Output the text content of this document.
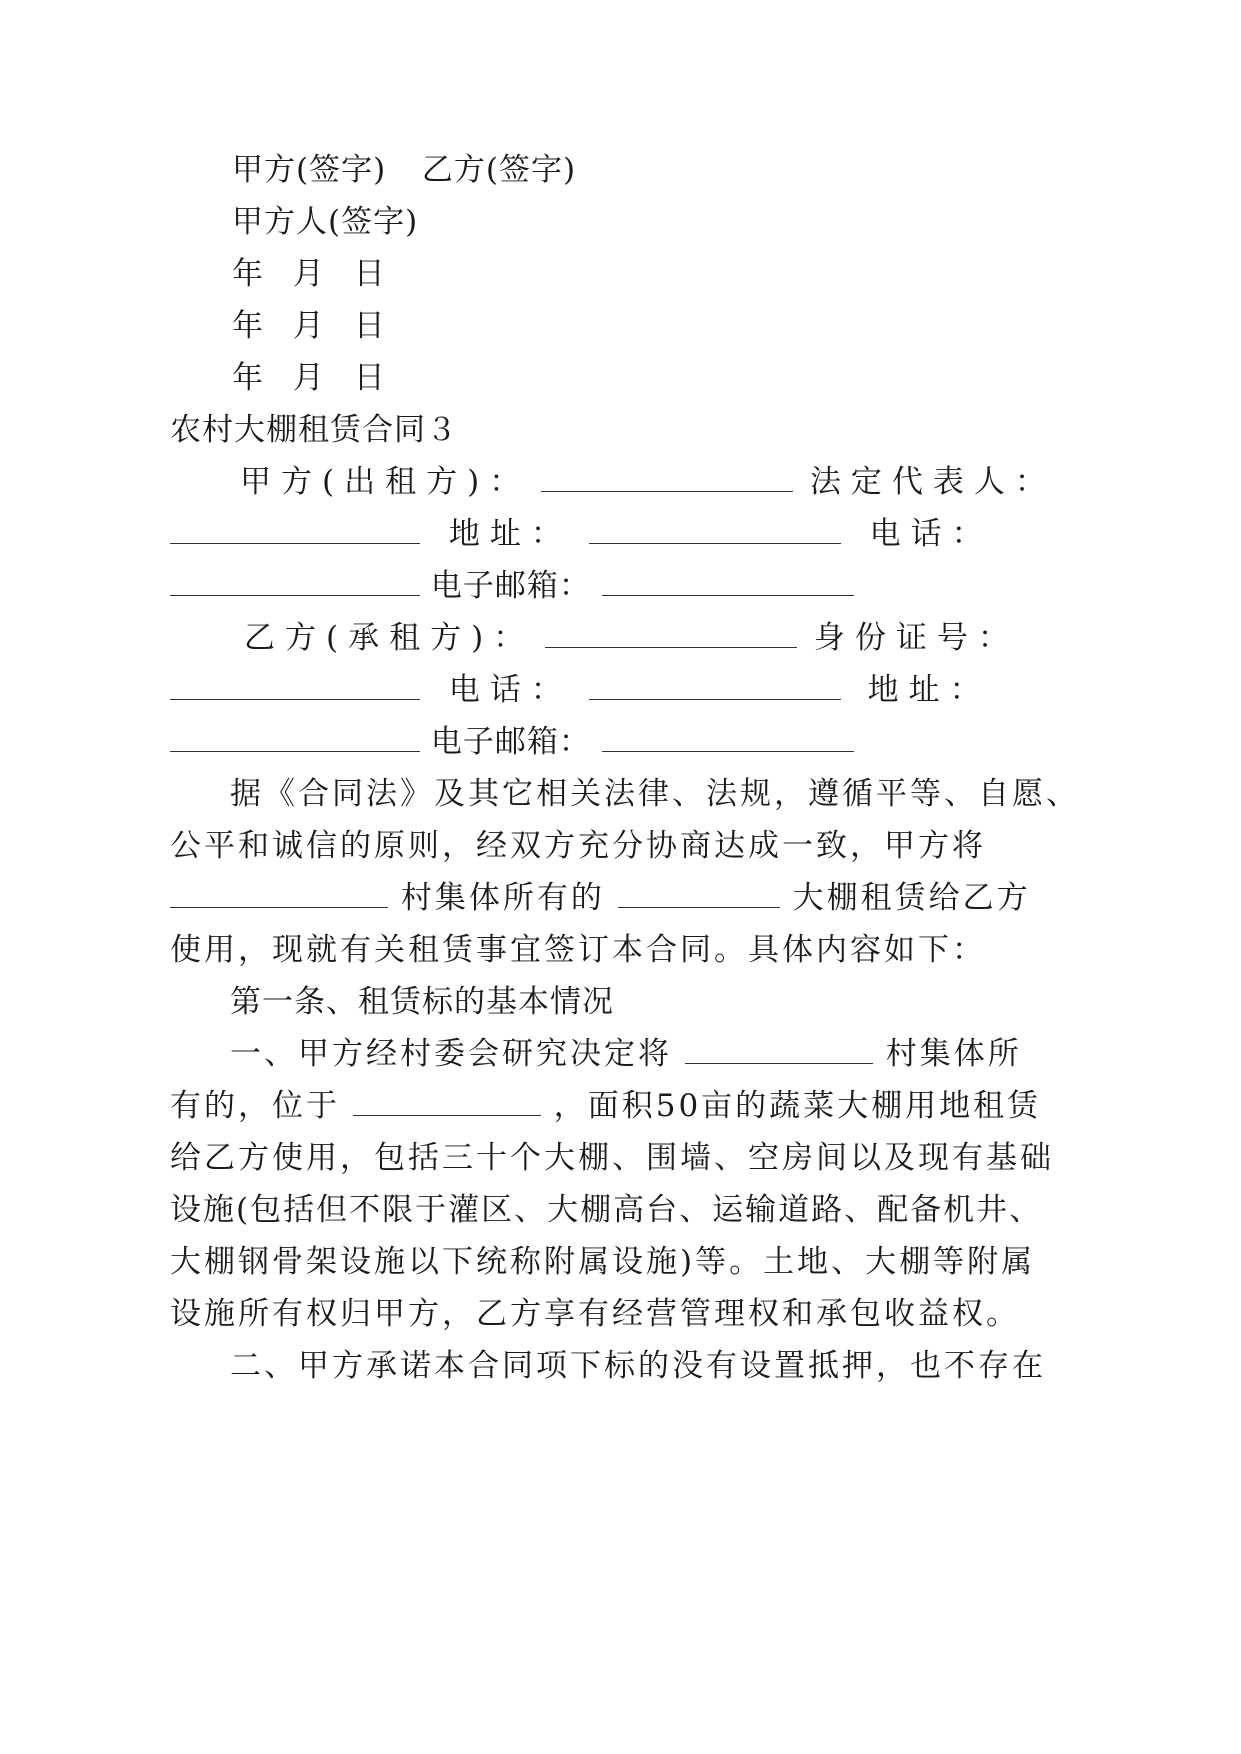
甲方(签字) 乙方(签字)
甲方人(签字)
年 月 日
年 月 日
年 月 日
农村大棚租赁合同３
甲方(出租方)：	法定代表人：
地址：	电话：
电子邮箱：
乙方(承租方)：	身份证号：
电话：	地址：
电子邮箱：
据《合同法》及其它相关法律、法规，遵循平等、自愿、
公平和诚信的原则，经双方充分协商达成一致，甲方将
村集体所有的	大棚租赁给乙方
使用，现就有关租赁事宜签订本合同。具体内容如下：
第一条、租赁标的基本情况
一、甲方经村委会研究决定将	村集体所
有的，位于	，面积50亩的蔬菜大棚用地租赁
给乙方使用，包括三十个大棚、围墙、空房间以及现有基础
设施(包括但不限于灌区、大棚高台、运输道路、配备机井、
大棚钢骨架设施以下统称附属设施)等。土地、大棚等附属
设施所有权归甲方，乙方享有经营管理权和承包收益权。
二、甲方承诺本合同项下标的没有设置抵押，也不存在
